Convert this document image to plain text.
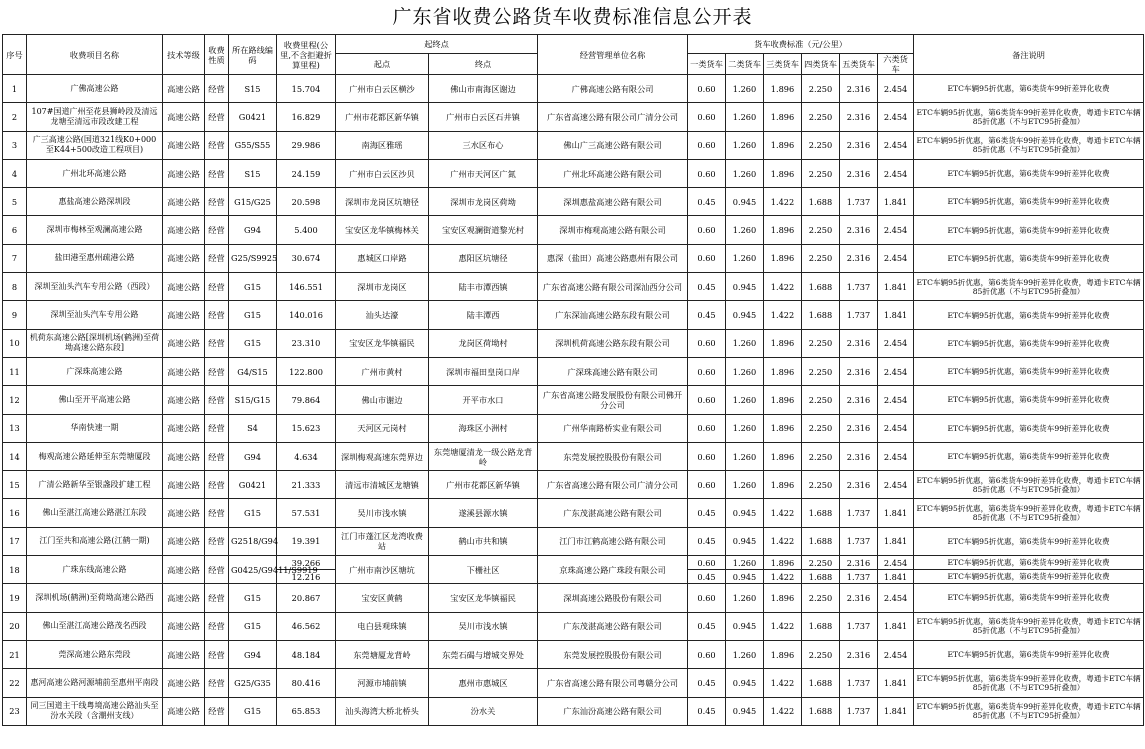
广东省收费公路货车收费标准信息公开表
序号	收费项目名称	技术等级	收费性质	所在路线编码	收费里程(公里,不含拒避折算里程)	起终点		经营管理单位名称	货车收费标准（元/公里）						备注说明
						起点	终点		一类货车	二类货车	三类货车	四类货车	五类货车	六类货车	
1	广佛高速公路	高速公路	经营	S15	15.704	广州市白云区横沙	佛山市南海区谢边	广佛高速公路有限公司	0.60	1.260	1.896	2.250	2.316	2.454	ETC车辆95折优惠，第6类货车99折差异化收费
2	107#国道广州至花县狮岭段及清远龙塘至清远市段改建工程	高速公路	经营	G0421	16.829	广州市花都区新华镇	广州市白云区石井镇	广东省高速公路有限公司广清分公司	0.60	1.260	1.896	2.250	2.316	2.454	ETC车辆95折优惠，第6类货车99折差异化收费，粤通卡ETC车辆85折优惠（不与ETC95折叠加）
3	广三高速公路(国道321线K0+000至K44+500改造工程项目)	高速公路	经营	G55/S55	29.986	南海区雅瑶	三水区布心	佛山广三高速公路有限公司	0.60	1.260	1.896	2.250	2.316	2.454	ETC车辆95折优惠，第6类货车99折差异化收费，粤通卡ETC车辆85折优惠（不与ETC95折叠加）
4	广州北环高速公路	高速公路	经营	S15	24.159	广州市白云区沙贝	广州市天河区广氮	广州北环高速公路有限公司	0.60	1.260	1.896	2.250	2.316	2.454	ETC车辆95折优惠，第6类货车99折差异化收费
5	惠盐高速公路深圳段	高速公路	经营	G15/G25	20.598	深圳市龙岗区坑塘径	深圳市龙岗区荷坳	深圳惠盐高速公路有限公司	0.45	0.945	1.422	1.688	1.737	1.841	ETC车辆95折优惠，第6类货车99折差异化收费
6	深圳市梅林至观澜高速公路	高速公路	经营	G94	5.400	宝安区龙华镇梅林关	宝安区观澜街道黎光村	深圳市梅观高速公路有限公司	0.60	1.260	1.896	2.250	2.316	2.454	ETC车辆95折优惠，第6类货车99折差异化收费
7	盐田港至惠州疏港公路	高速公路	经营	G25/S9925	30.674	惠城区口岸路	惠阳区坑塘径	惠深（盐田）高速公路惠州有限公司	0.60	1.260	1.896	2.250	2.316	2.454	ETC车辆95折优惠，第6类货车99折差异化收费
8	深圳至汕头汽车专用公路（西段）	高速公路	经营	G15	146.551	深圳市龙岗区	陆丰市潭西镇	广东省高速公路有限公司深汕西分公司	0.45	0.945	1.422	1.688	1.737	1.841	ETC车辆95折优惠，第6类货车99折差异化收费，粤通卡ETC车辆85折优惠（不与ETC95折叠加）
9	深圳至汕头汽车专用公路	高速公路	经营	G15	140.016	汕头达濠	陆丰潭西	广东深汕高速公路东段有限公司	0.45	0.945	1.422	1.688	1.737	1.841	ETC车辆95折优惠，第6类货车99折差异化收费
10	机荷东高速公路[深圳机场(鹤洲)至荷坳高速公路东段]	高速公路	经营	G15	23.310	宝安区龙华镇福民	龙岗区荷坳村	深圳机荷高速公路东段有限公司	0.60	1.260	1.896	2.250	2.316	2.454	ETC车辆95折优惠，第6类货车99折差异化收费
11	广深珠高速公路	高速公路	经营	G4/S15	122.800	广州市黄村	深圳市福田皇岗口岸	广深珠高速公路有限公司	0.60	1.260	1.896	2.250	2.316	2.454	ETC车辆95折优惠，第6类货车99折差异化收费
12	佛山至开平高速公路	高速公路	经营	S15/G15	79.864	佛山市谢边	开平市水口	广东省高速公路发展股份有限公司佛开分公司	0.60	1.260	1.896	2.250	2.316	2.454	ETC车辆95折优惠，第6类货车99折差异化收费
13	华南快速一期	高速公路	经营	S4	15.623	天河区元岗村	海珠区小洲村	广州华南路桥实业有限公司	0.60	1.260	1.896	2.250	2.316	2.454	ETC车辆95折优惠，第6类货车99折差异化收费
14	梅观高速公路延伸至东莞塘厦段	高速公路	经营	G94	4.634	深圳梅观高速东莞界边	东莞塘厦清龙一级公路龙背岭	东莞发展控股股份有限公司	0.60	1.260	1.896	2.250	2.316	2.454	ETC车辆95折优惠，第6类货车99折差异化收费
15	广清公路新华至银盏段扩建工程	高速公路	经营	G0421	21.333	清远市清城区龙塘镇	广州市花都区新华镇	广东省高速公路有限公司广清分公司	0.60	1.260	1.896	2.250	2.316	2.454	ETC车辆95折优惠，第6类货车99折差异化收费，粤通卡ETC车辆85折优惠（不与ETC95折叠加）
16	佛山至湛江高速公路湛江东段	高速公路	经营	G15	57.531	吴川市浅水镇	遂溪县源水镇	广东茂湛高速公路有限公司	0.45	0.945	1.422	1.688	1.737	1.841	ETC车辆95折优惠，第6类货车99折差异化收费，粤通卡ETC车辆85折优惠（不与ETC95折叠加）
17	江门至共和高速公路(江鹤一期)	高速公路	经营	G2518/G94	19.391	江门市蓬江区龙湾收费站	鹤山市共和镇	江门市江鹤高速公路有限公司	0.45	0.945	1.422	1.688	1.737	1.841	ETC车辆95折优惠，第6类货车99折差异化收费
18	广珠东线高速公路	高速公路	经营	G0425/G9411/S9919	39.266	广州市南沙区塘坑	下栅社区	京珠高速公路广珠段有限公司	0.60	1.260	1.896	2.250	2.316	2.454	ETC车辆95折优惠，第6类货车99折差异化收费
					12.216				0.45	0.945	1.422	1.688	1.737	1.841	ETC车辆95折优惠，第6类货车99折差异化收费
19	深圳机场(鹤洲)至荷坳高速公路西	高速公路	经营	G15	20.867	宝安区黄鹤	宝安区龙华镇福民	深圳高速公路股份有限公司	0.60	1.260	1.896	2.250	2.316	2.454	ETC车辆95折优惠，第6类货车99折差异化收费
20	佛山至湛江高速公路茂名西段	高速公路	经营	G15	46.562	电白县观珠镇	吴川市浅水镇	广东茂湛高速公路有限公司	0.45	0.945	1.422	1.688	1.737	1.841	ETC车辆95折优惠，第6类货车99折差异化收费，粤通卡ETC车辆85折优惠（不与ETC95折叠加）
21	莞深高速公路东莞段	高速公路	经营	G94	48.184	东莞塘厦龙背岭	东莞石碣与增城交界处	东莞发展控股股份有限公司	0.60	1.260	1.896	2.250	2.316	2.454	ETC车辆95折优惠，第6类货车99折差异化收费
22	惠河高速公路河源埔前至惠州平南段	高速公路	经营	G25/G35	80.416	河源市埔前镇	惠州市惠城区	广东省高速公路有限公司粤赣分公司	0.45	0.945	1.422	1.688	1.737	1.841	ETC车辆95折优惠，第6类货车99折差异化收费，粤通卡ETC车辆85折优惠（不与ETC95折叠加）
23	同三国道主干线粤境高速公路汕头至汾水关段（含潮州支线）	高速公路	经营	G15	65.853	汕头海湾大桥北桥头	汾水关	广东汕汾高速公路有限公司	0.45	0.945	1.422	1.688	1.737	1.841	ETC车辆95折优惠，第6类货车99折差异化收费，粤通卡ETC车辆85折优惠（不与ETC95折叠加）
